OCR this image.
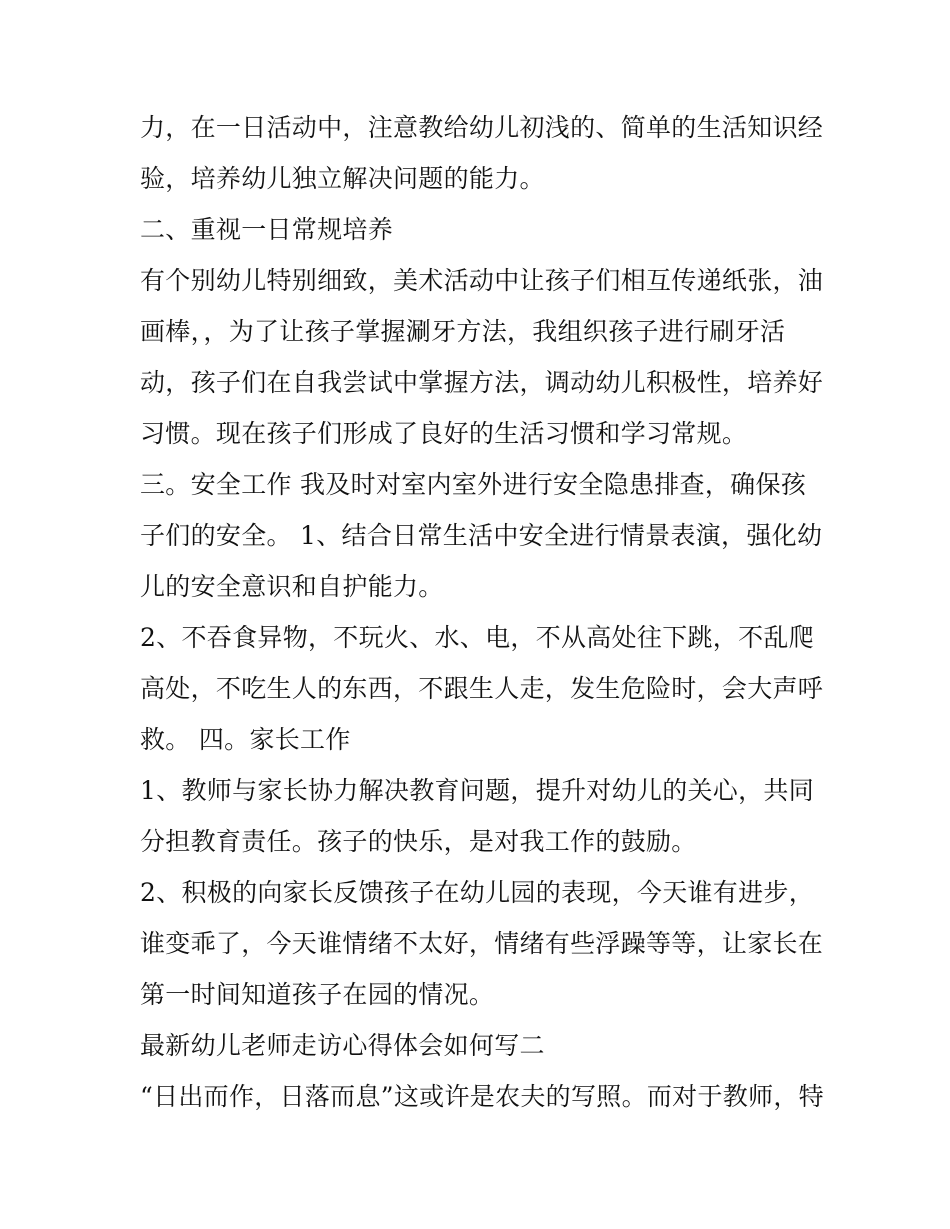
力，在一日活动中，注意教给幼儿初浅的、简单的生活知识经
验，培养幼儿独立解决问题的能力。
二、重视一日常规培养
有个别幼儿特别细致，美术活动中让孩子们相互传递纸张，油
画棒，，为了让孩子掌握涮牙方法，我组织孩子进行刷牙活
动，孩子们在自我尝试中掌握方法，调动幼儿积极性，培养好
习惯。现在孩子们形成了良好的生活习惯和学习常规。
三。安全工作 我及时对室内室外进行安全隐患排查，确保孩
子们的安全。 1、结合日常生活中安全进行情景表演，强化幼
儿的安全意识和自护能力。
2、不吞食异物，不玩火、水、电，不从高处往下跳，不乱爬
高处，不吃生人的东西，不跟生人走，发生危险时，会大声呼
救。 四。家长工作
1、教师与家长协力解决教育问题，提升对幼儿的关心，共同
分担教育责任。孩子的快乐，是对我工作的鼓励。
2、积极的向家长反馈孩子在幼儿园的表现，今天谁有进步，
谁变乖了，今天谁情绪不太好，情绪有些浮躁等等，让家长在
第一时间知道孩子在园的情况。
最新幼儿老师走访心得体会如何写二
“日出而作，日落而息”这或许是农夫的写照。而对于教师，特
